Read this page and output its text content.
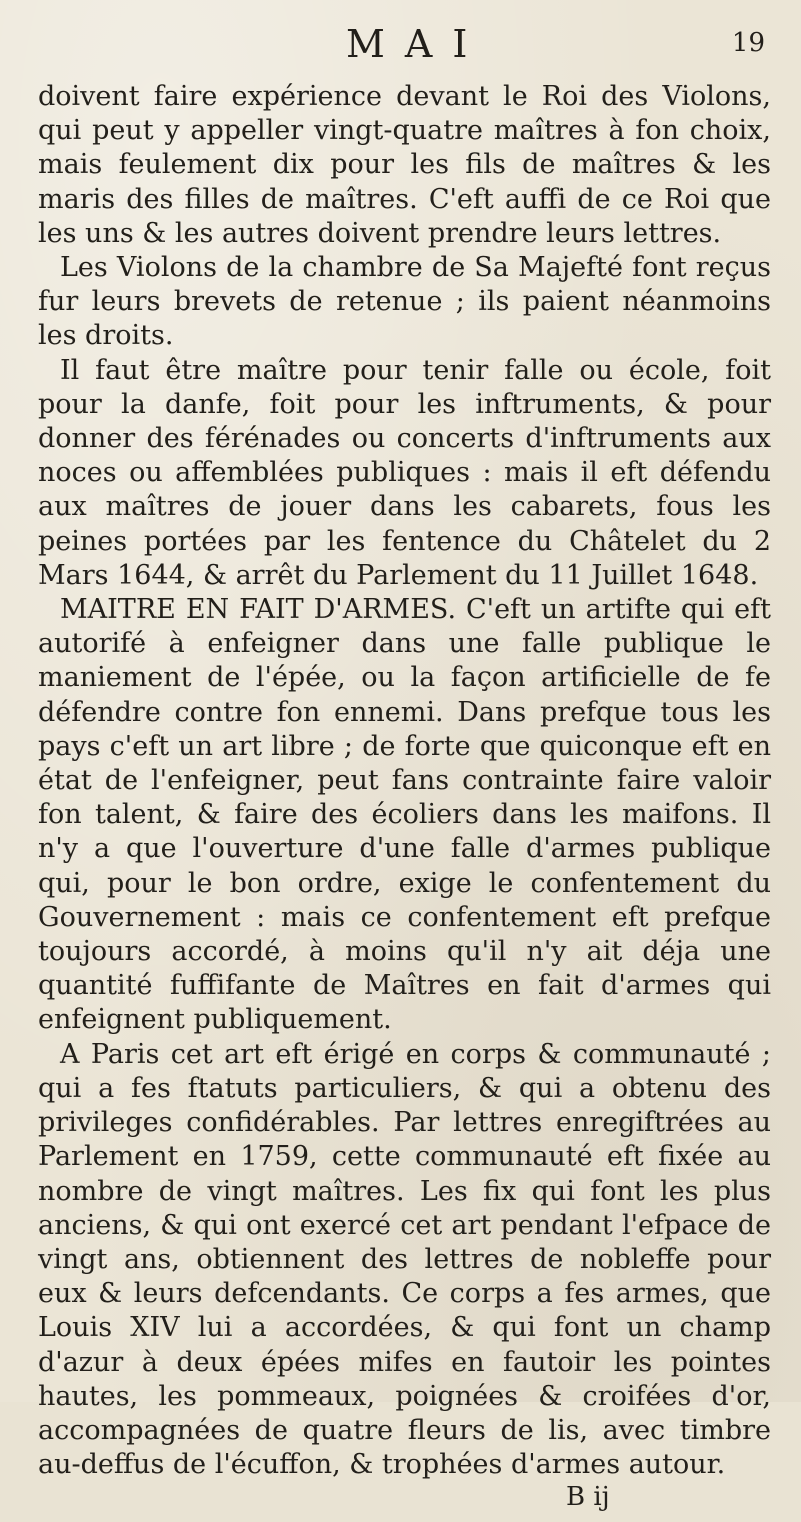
MAI	19

doivent faire expérience devant le Roi des Violons, qui peut y appeller vingt-quatre maîtres à fon choix, mais feulement dix pour les fils de maîtres & les maris des filles de maîtres. C'eft auffi de ce Roi que les uns & les autres doivent prendre leurs lettres.

Les Violons de la chambre de Sa Majefté font reçus fur leurs brevets de retenue ; ils paient néanmoins les droits.

Il faut être maître pour tenir falle ou école, foit pour la danfe, foit pour les inftruments, & pour donner des férénades ou concerts d'inftruments aux noces ou affemblées publiques : mais il eft défendu aux maîtres de jouer dans les cabarets, fous les peines portées par les fentence du Châtelet du 2 Mars 1644, & arrêt du Parlement du 11 Juillet 1648.

MAITRE EN FAIT D'ARMES. C'eft un artifte qui eft autorifé à enfeigner dans une falle publique le maniement de l'épée, ou la façon artificielle de fe défendre contre fon ennemi. Dans prefque tous les pays c'eft un art libre ; de forte que quiconque eft en état de l'enfeigner, peut fans contrainte faire valoir fon talent, & faire des écoliers dans les maifons. Il n'y a que l'ouverture d'une falle d'armes publique qui, pour le bon ordre, exige le confentement du Gouvernement : mais ce confentement eft prefque toujours accordé, à moins qu'il n'y ait déja une quantité fuffifante de Maîtres en fait d'armes qui enfeignent publiquement.

A Paris cet art eft érigé en corps & communauté ; qui a fes ftatuts particuliers, & qui a obtenu des privileges confidérables. Par lettres enregiftrées au Parlement en 1759, cette communauté eft fixée au nombre de vingt maîtres. Les fix qui font les plus anciens, & qui ont exercé cet art pendant l'efpace de vingt ans, obtiennent des lettres de nobleffe pour eux & leurs defcendants. Ce corps a fes armes, que Louis XIV lui a accordées, & qui font un champ d'azur à deux épées mifes en fautoir les pointes hautes, les pommeaux, poignées & croifées d'or, accompagnées de quatre fleurs de lis, avec timbre au-deffus de l'écuffon, & trophées d'armes autour.

B ij
